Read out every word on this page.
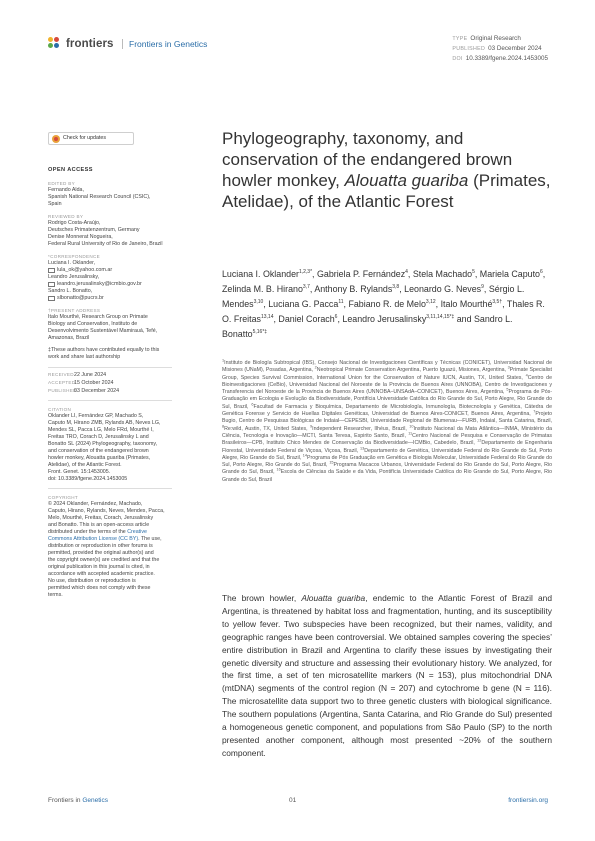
frontiers	Frontiers in Genetics	TYPE Original Research
PUBLISHED 03 December 2024
DOI 10.3389/fgene.2024.1453005
Check for updates
OPEN ACCESS
EDITED BY
Fernando Alda,
Spanish National Research Council (CSIC),
Spain
REVIEWED BY
Rodrigo Costa-Araújo,
Deutsches Primatenzentrum, Germany
Denise Monnerat Nogueira,
Federal Rural University of Rio de Janeiro, Brazil
*CORRESPONDENCE
Luciana I. Oklander,
lula_ok@yahoo.com.ar
Leandro Jerusalinsky,
leandro.jerusalinsky@icmbio.gov.br
Sandro L. Bonatto,
slbonatto@pucrs.br
†PRESENT ADDRESS
Italo Mourthé, Research Group on Primate
Biology and Conservation, Instituto de
Desenvolvimento Sustentável Mamirauá, Tefé,
Amazonas, Brazil
‡These authors have contributed equally to this
work and share last authorship
RECEIVED22 June 2024
ACCEPTED15 October 2024
PUBLISHED03 December 2024
CITATION
Oklander LI, Fernández GP, Machado S,
Caputo M, Hirano ZMB, Rylands AB, Neves LG,
Mendes SL, Pacca LG, Melo FRd, Mourthé I,
Freitas TRO, Corach D, Jerusalinsky L and
Bonatto SL (2024) Phylogeography, taxonomy,
and conservation of the endangered brown
howler monkey, Alouatta guariba (Primates,
Atelidae), of the Atlantic Forest.
Front. Genet. 15:1453005.
doi: 10.3389/fgene.2024.1453005
COPYRIGHT
© 2024 Oklander, Fernández, Machado,
Caputo, Hirano, Rylands, Neves, Mendes, Pacca,
Melo, Mourthé, Freitas, Corach, Jerusalinsky
and Bonatto. This is an open-access article
distributed under the terms of the Creative
Commons Attribution License (CC BY). The use,
distribution or reproduction in other forums is
permitted, provided the original author(s) and
the copyright owner(s) are credited and that the
original publication in this journal is cited, in
accordance with accepted academic practice.
No use, distribution or reproduction is
permitted which does not comply with these
terms.
Phylogeography, taxonomy, and conservation of the endangered brown howler monkey, Alouatta guariba (Primates, Atelidae), of the Atlantic Forest
Luciana I. Oklander$^{1,2,3*}$, Gabriela P. Fernández$^4$, Stela Machado$^5$, Mariela Caputo$^6$, Zelinda M. B. Hirano$^{3,7}$, Anthony B. Rylands$^{3,8}$, Leonardo G. Neves$^9$, Sérgio L. Mendes$^{3,10}$, Luciana G. Pacca$^{11}$, Fabiano R. de Melo$^{3,12}$, Italo Mourthé$^{3,5\dagger}$, Thales R. O. Freitas$^{13,14}$, Daniel Corach$^6$, Leandro Jerusalinsky$^{3,11,14,15*\ddagger}$ and Sandro L. Bonatto$^{5,16*\ddagger}$
$^1$Instituto de Biología Subtropical (IBS), Consejo Nacional de Investigaciones Científicas y Técnicas (CONICET), Universidad Nacional de Misiones (UNaM), Posadas, Argentina, $^2$Neotropical Primate Conservation Argentina, Puerto Iguazú, Misiones, Argentina, $^3$Primate Specialist Group, Species Survival Commission, International Union for the Conservation of Nature IUCN, Austin, TX, United States, $^4$Centro de Bioinvestigaciones (CeBio), Universidad Nacional del Noroeste de la Provincia de Buenos Aires (UNNOBA), Centro de Investigaciones y Transferencia del Noroeste de la Provincia de Buenos Aires (UNNOBA–UNSAdA–CONICET), Buenos Aires, Argentina, $^5$Programa de Pós-Graduação em Ecologia e Evolução da Biodiversidade, Pontifícia Universidade Católica do Rio Grande do Sul, Porto Alegre, Rio Grande do Sul, Brazil, $^6$Facultad de Farmacia y Bioquímica, Departamento de Microbiología, Inmunología, Biotecnología y Genética, Cátedra de Genética Forense y Servicio de Huellas Digitales Genéticas, Universidad de Buenos Aires-CONICET, Buenos Aires, Argentina, $^7$Projeto Bugio, Centro de Pesquisas Biológicas de Indaial—CEPESBI, Universidade Regional de Blumenau—FURB, Indaial, Santa Catarina, Brazil, $^8$Re:wild, Austin, TX, United States, $^9$Independent Researcher, Ilhéus, Brazil, $^{10}$Instituto Nacional da Mata Atlântica—INMA, Ministério da Ciência, Tecnologia e Inovação—MCTI, Santa Teresa, Espirito Santo, Brazil, $^{11}$Centro Nacional de Pesquisa e Conservação de Primatas Brasileiros—CPB, Instituto Chico Mendes de Conservação da Biodiversidade—ICMBio, Cabedelo, Brazil, $^{12}$Departamento de Engenharia Florestal, Universidade Federal de Viçosa, Viçosa, Brazil, $^{13}$Departamento de Genética, Universidade Federal do Rio Grande do Sul, Porto Alegre, Rio Grande do Sul, Brazil, $^{14}$Programa de Pós Graduação em Genética e Biologia Molecular, Universidade Federal do Rio Grande do Sul, Porto Alegre, Rio Grande do Sul, Brazil, $^{15}$Programa Macacos Urbanos, Universidade Federal do Rio Grande do Sul, Porto Alegre, Rio Grande do Sul, Brazil, $^{16}$Escola de Ciências da Saúde e da Vida, Pontifícia Universidade Católica do Rio Grande do Sul, Porto Alegre, Rio Grande do Sul, Brazil
The brown howler, Alouatta guariba, endemic to the Atlantic Forest of Brazil and Argentina, is threatened by habitat loss and fragmentation, hunting, and its susceptibility to yellow fever. Two subspecies have been recognized, but their names, validity, and geographic ranges have been controversial. We obtained samples covering the species’ entire distribution in Brazil and Argentina to clarify these issues by investigating their genetic diversity and structure and assessing their evolutionary history. We analyzed, for the first time, a set of ten microsatellite markers (N = 153), plus mitochondrial DNA (mtDNA) segments of the control region (N = 207) and cytochrome b gene (N = 116). The microsatellite data support two to three genetic clusters with biological significance. The southern populations (Argentina, Santa Catarina, and Rio Grande do Sul) presented a homogeneous genetic component, and populations from São Paulo (SP) to the north presented another component, although most presented ~20% of the southern component.
Frontiers in Genetics	01	frontiersin.org
